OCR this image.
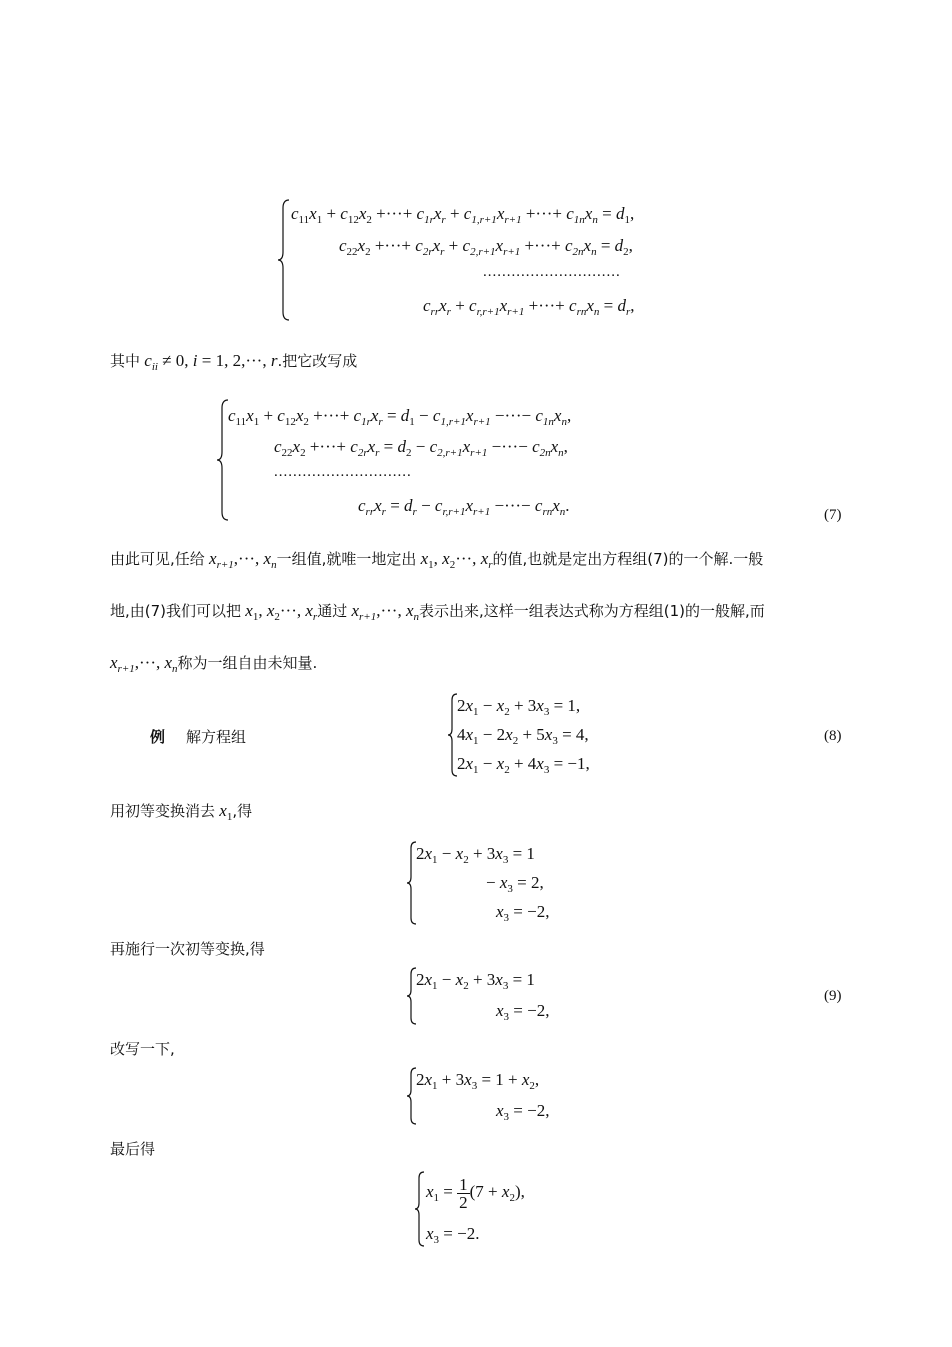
$c_{11}x_1 + c_{12}x_2$ +···+ $c_{1r}x_r + c_{1,r+1}x_{r+1}$ +···+ $c_{1n}x_n = d_1$,
$c_{22}x_2$ +···+ $c_{2r}x_r + c_{2,r+1}x_{r+1}$ +···+ $c_{2n}x_n = d_2$,
.............................
$c_{rr}x_r + c_{r,r+1}x_{r+1}$ +···+ $c_{rn}x_n = d_r$,
其中 $c_{ii} \ne 0$, i = 1, 2,···, r.把它改写成
$c_{11}x_1 + c_{12}x_2$ +···+ $c_{1r}x_r = d_1 - c_{1,r+1}x_{r+1}$ −···− $c_{1n}x_n$,
$c_{22}x_2$ +···+ $c_{2r}x_r = d_2 - c_{2,r+1}x_{r+1}$ −···− $c_{2n}x_n$,
.............................
$c_{rr}x_r = d_r - c_{r,r+1}x_{r+1}$ −···− $c_{rn}x_n$.	(7)
由此可见,任给 $x_{r+1},\cdot\cdot\cdot$, $x_n$一组值,就唯一地定出 $x_1$, $x_2\cdot\cdot\cdot$, $x_r$的值,也就是定出方程组(7)的一个解.一般
地,由(7)我们可以把 $x_1$, $x_2\cdot\cdot\cdot$, $x_r$通过 $x_{r+1},\cdot\cdot\cdot$, $x_n$表示出来,这样一组表达式称为方程组(1)的一般解,而
$x_{r+1},\cdot\cdot\cdot$, $x_n$称为一组自由未知量.
例 解方程组
$2x_1 - x_2 + 3x_3 = 1$,
$4x_1 - 2x_2 + 5x_3 = 4$,
$2x_1 - x_2 + 4x_3 = -1$,
(8)
用初等变换消去 $x_1$,得
$2x_1 - x_2 + 3x_3 = 1$
− $x_3 = 2$,
$x_3 = -2$,
再施行一次初等变换,得
$2x_1 - x_2 + 3x_3 = 1$
$x_3 = -2$,
(9)
改写一下,
$2x_1 + 3x_3 = 1 + x_2$,
$x_3 = -2$,
最后得
$x_1 = \frac{1}{2} (7 + x_2)$,
$x_3 = -2$.
